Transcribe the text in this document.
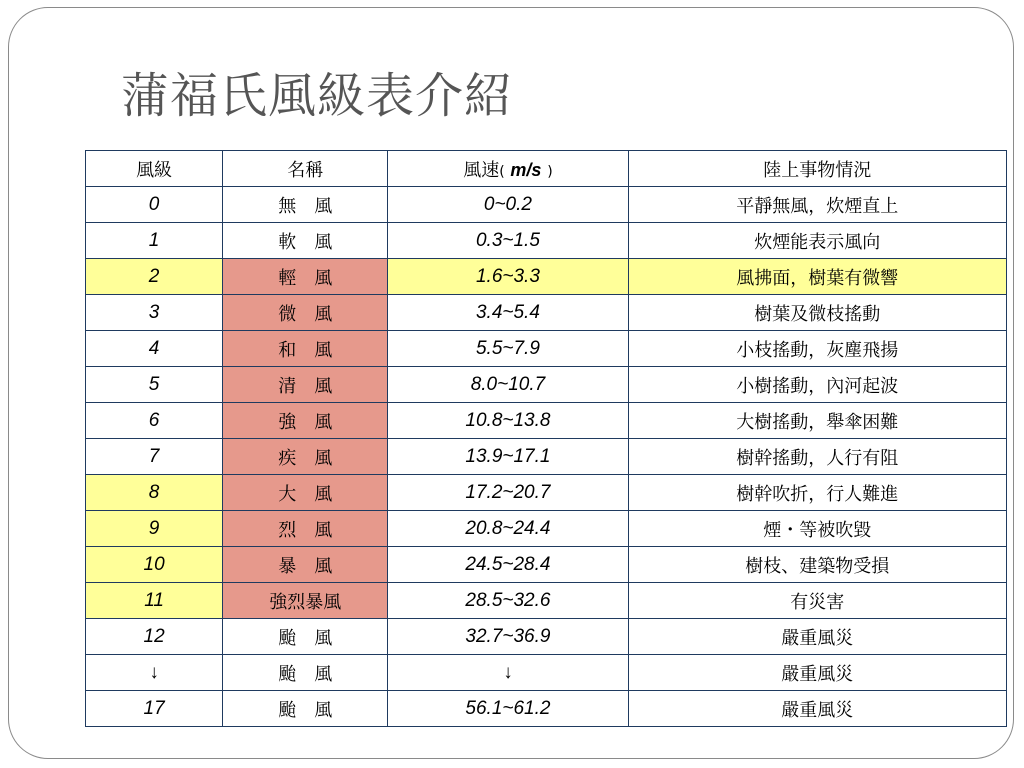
蒲福氏風級表介紹
風級	名稱	風速( m/s )	陸上事物情況
0	無　風	0~0.2	平靜無風，炊煙直上
1	軟　風	0.3~1.5	炊煙能表示風向
2	輕　風	1.6~3.3	風拂面，樹葉有微響
3	微　風	3.4~5.4	樹葉及微枝搖動
4	和　風	5.5~7.9	小枝搖動，灰塵飛揚
5	清　風	8.0~10.7	小樹搖動，內河起波
6	強　風	10.8~13.8	大樹搖動，舉傘困難
7	疾　風	13.9~17.1	樹幹搖動，人行有阻
8	大　風	17.2~20.7	樹幹吹折，行人難進
9	烈　風	20.8~24.4	煙・等被吹毀
10	暴　風	24.5~28.4	樹枝、建築物受損
11	強烈暴風	28.5~32.6	有災害
12	颱　風	32.7~36.9	嚴重風災
↓	颱　風	↓	嚴重風災
17	颱　風	56.1~61.2	嚴重風災
